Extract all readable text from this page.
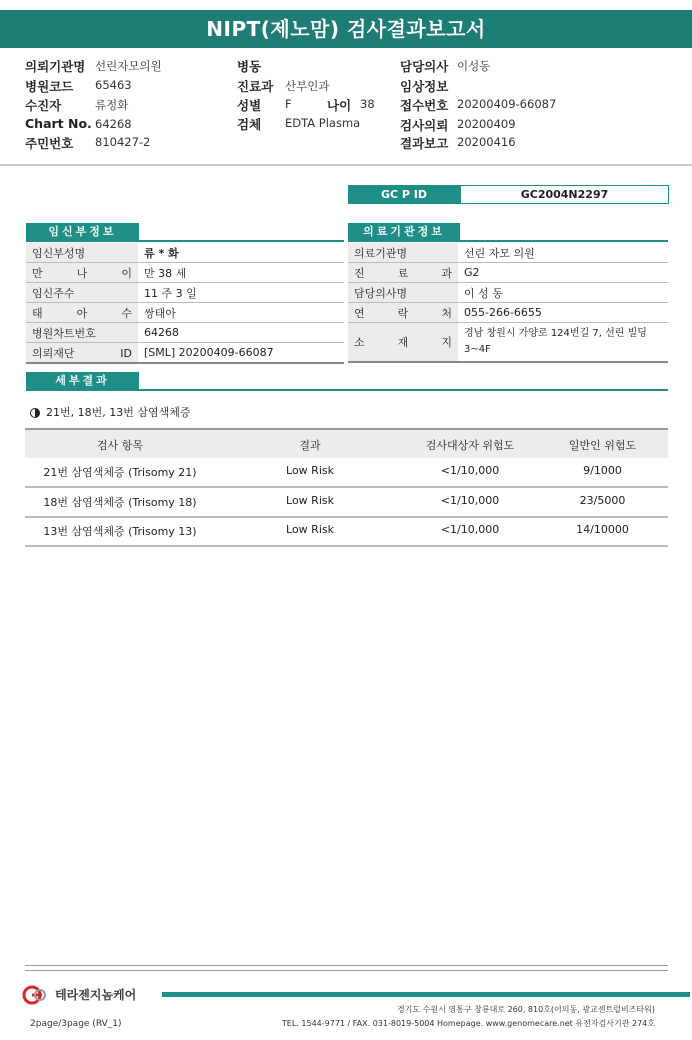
NIPT(제노맘) 검사결과보고서
의뢰기관명 선린자모의원
병원코드 65463
수진자	류정화
Chart No. 64268
주민번호 810427-2
병동
진료과 산부인과
성별 F	나이 38
검체 EDTA Plasma
담당의사 이성동
임상정보
접수번호 20200409-66087
검사의뢰 20200409
결과보고 20200416
GC P ID	GC2004N2297
임신부정보
임신부성명	류 * 화
만 나 이	만 38 세
임신주수	11 주 3 일
태 아 수	쌍태아
병원차트번호	64268
의뢰재단 ID	[SML] 20200409-66087
의료기관정보
의료기관명	선린 자모 의원
진 료 과	G2
담당의사명	이 성 동
연 락 처	055-266-6655
소 재 지	경남 창원시 가양로 124번길 7, 선린 빌딩 3~4F
세부결과
21번, 18번, 13번 삼염색체증
검사 항목	결과	검사대상자 위험도	일반인 위험도
21번 삼염색체증 (Trisomy 21)	Low Risk	<1/10,000	9/1000
18번 삼염색체증 (Trisomy 18)	Low Risk	<1/10,000	23/5000
13번 삼염색체증 (Trisomy 13)	Low Risk	<1/10,000	14/10000
테라젠지놈케어
경기도 수원시 영통구 창룡대로 260, 810호(이의동, 광교센트럴비즈타워)
TEL. 1544-9771 / FAX. 031-8019-5004 Homepage. www.genomecare.net 유전자검사기관 274호
2page/3page (RV_1)
